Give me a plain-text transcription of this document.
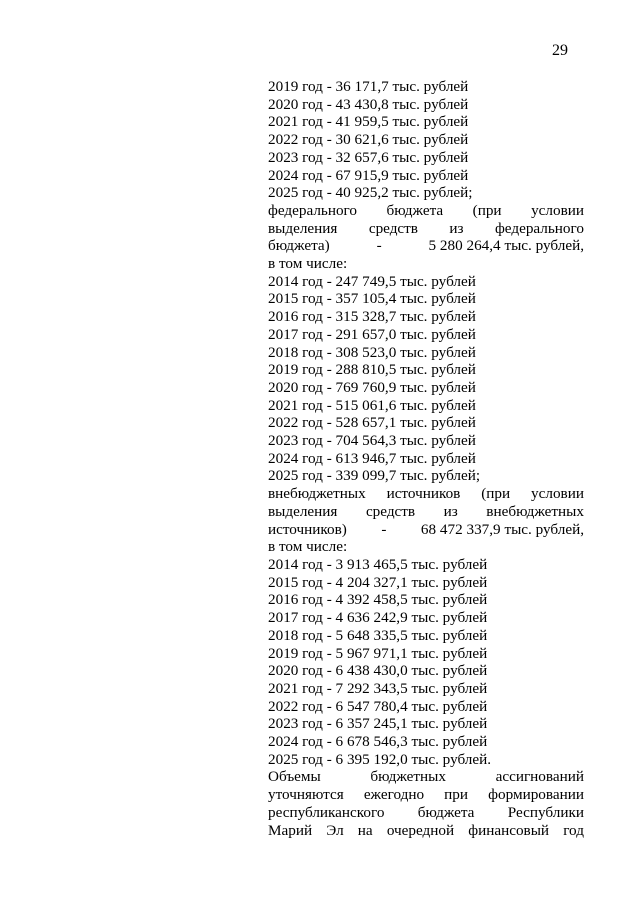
29
2019 год - 36 171,7 тыс. рублей
2020 год - 43 430,8 тыс. рублей
2021 год - 41 959,5 тыс. рублей
2022 год - 30 621,6 тыс. рублей
2023 год - 32 657,6 тыс. рублей
2024 год - 67 915,9 тыс. рублей
2025 год - 40 925,2 тыс. рублей;
федерального бюджета (при условии
выделения средств из федерального
бюджета)	-	5 280 264,4 тыс. рублей,
в том числе:
2014 год - 247 749,5 тыс. рублей
2015 год - 357 105,4 тыс. рублей
2016 год - 315 328,7 тыс. рублей
2017 год - 291 657,0 тыс. рублей
2018 год - 308 523,0 тыс. рублей
2019 год - 288 810,5 тыс. рублей
2020 год - 769 760,9 тыс. рублей
2021 год - 515 061,6 тыс. рублей
2022 год - 528 657,1 тыс. рублей
2023 год - 704 564,3 тыс. рублей
2024 год - 613 946,7 тыс. рублей
2025 год - 339 099,7 тыс. рублей;
внебюджетных источников (при условии
выделения средств из внебюджетных
источников) - 68 472 337,9 тыс. рублей,
в том числе:
2014 год - 3 913 465,5 тыс. рублей
2015 год - 4 204 327,1 тыс. рублей
2016 год - 4 392 458,5 тыс. рублей
2017 год - 4 636 242,9 тыс. рублей
2018 год - 5 648 335,5 тыс. рублей
2019 год - 5 967 971,1 тыс. рублей
2020 год - 6 438 430,0 тыс. рублей
2021 год - 7 292 343,5 тыс. рублей
2022 год - 6 547 780,4 тыс. рублей
2023 год - 6 357 245,1 тыс. рублей
2024 год - 6 678 546,3 тыс. рублей
2025 год - 6 395 192,0 тыс. рублей.
Объемы	бюджетных	ассигнований
уточняются ежегодно при формировании
республиканского бюджета Республики
Марий Эл на очередной финансовый год
